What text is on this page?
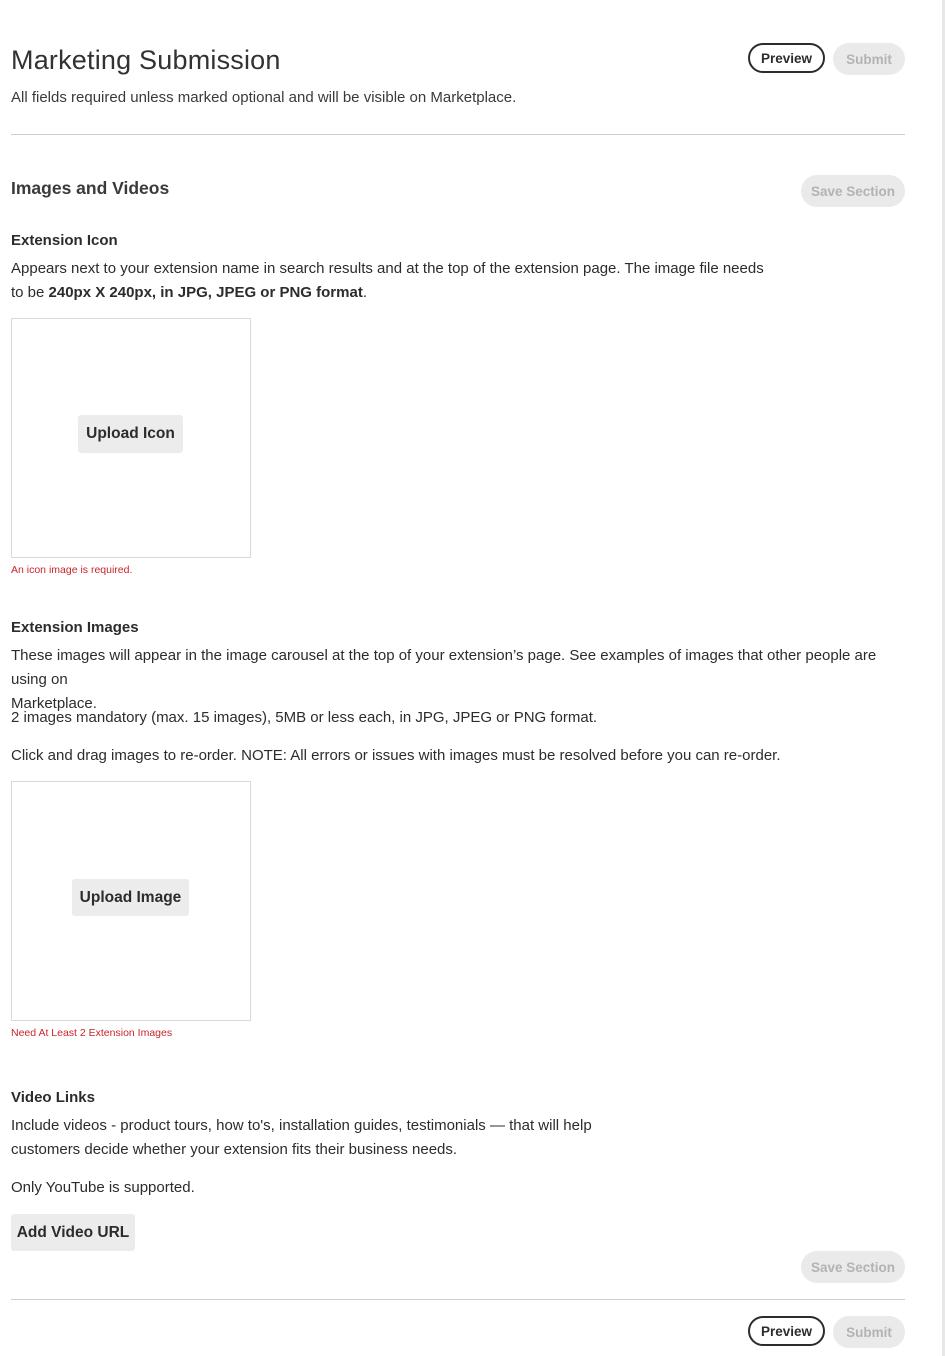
Marketing Submission	Preview	Submit
All fields required unless marked optional and will be visible on Marketplace.
Images and Videos	Save Section
Extension Icon
Appears next to your extension name in search results and at the top of the extension page. The image file needs
to be 240px X 240px, in JPG, JPEG or PNG format.
Upload Icon
An icon image is required.
Extension Images
These images will appear in the image carousel at the top of your extension’s page. See examples of images that other people are using on
Marketplace.
2 images mandatory (max. 15 images), 5MB or less each, in JPG, JPEG or PNG format.
Click and drag images to re-order. NOTE: All errors or issues with images must be resolved before you can re-order.
Upload Image
Need At Least 2 Extension Images
Video Links
Include videos - product tours, how to's, installation guides, testimonials — that will help
customers decide whether your extension fits their business needs.
Only YouTube is supported.
Add Video URL
Save Section
Preview	Submit
